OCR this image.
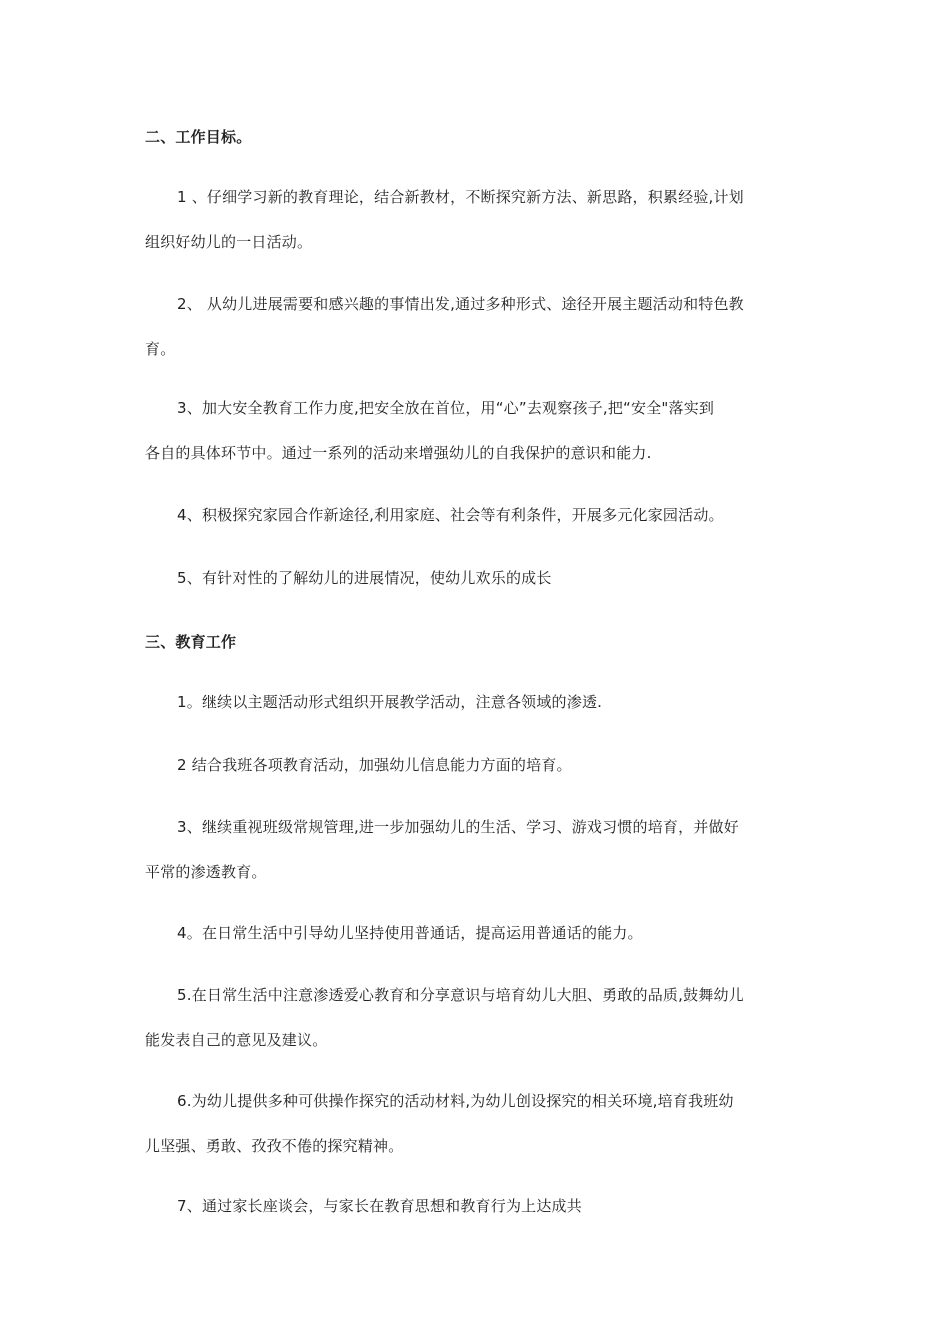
二、工作目标。
1 、仔细学习新的教育理论，结合新教材，不断探究新方法、新思路，积累经验,计划
组织好幼儿的一日活动。
2、 从幼儿进展需要和感兴趣的事情出发,通过多种形式、途径开展主题活动和特色教
育。
3、加大安全教育工作力度,把安全放在首位，用“心”去观察孩子,把“安全"落实到
各自的具体环节中。通过一系列的活动来增强幼儿的自我保护的意识和能力.
4、积极探究家园合作新途径,利用家庭、社会等有利条件，开展多元化家园活动。
5、有针对性的了解幼儿的进展情况，使幼儿欢乐的成长
三、教育工作
1。继续以主题活动形式组织开展教学活动，注意各领域的渗透.
2 结合我班各项教育活动，加强幼儿信息能力方面的培育。
3、继续重视班级常规管理,进一步加强幼儿的生活、学习、游戏习惯的培育，并做好
平常的渗透教育。
4。在日常生活中引导幼儿坚持使用普通话，提高运用普通话的能力。
5.在日常生活中注意渗透爱心教育和分享意识与培育幼儿大胆、勇敢的品质,鼓舞幼儿
能发表自己的意见及建议。
6.为幼儿提供多种可供操作探究的活动材料,为幼儿创设探究的相关环境,培育我班幼
儿坚强、勇敢、孜孜不倦的探究精神。
7、通过家长座谈会，与家长在教育思想和教育行为上达成共
